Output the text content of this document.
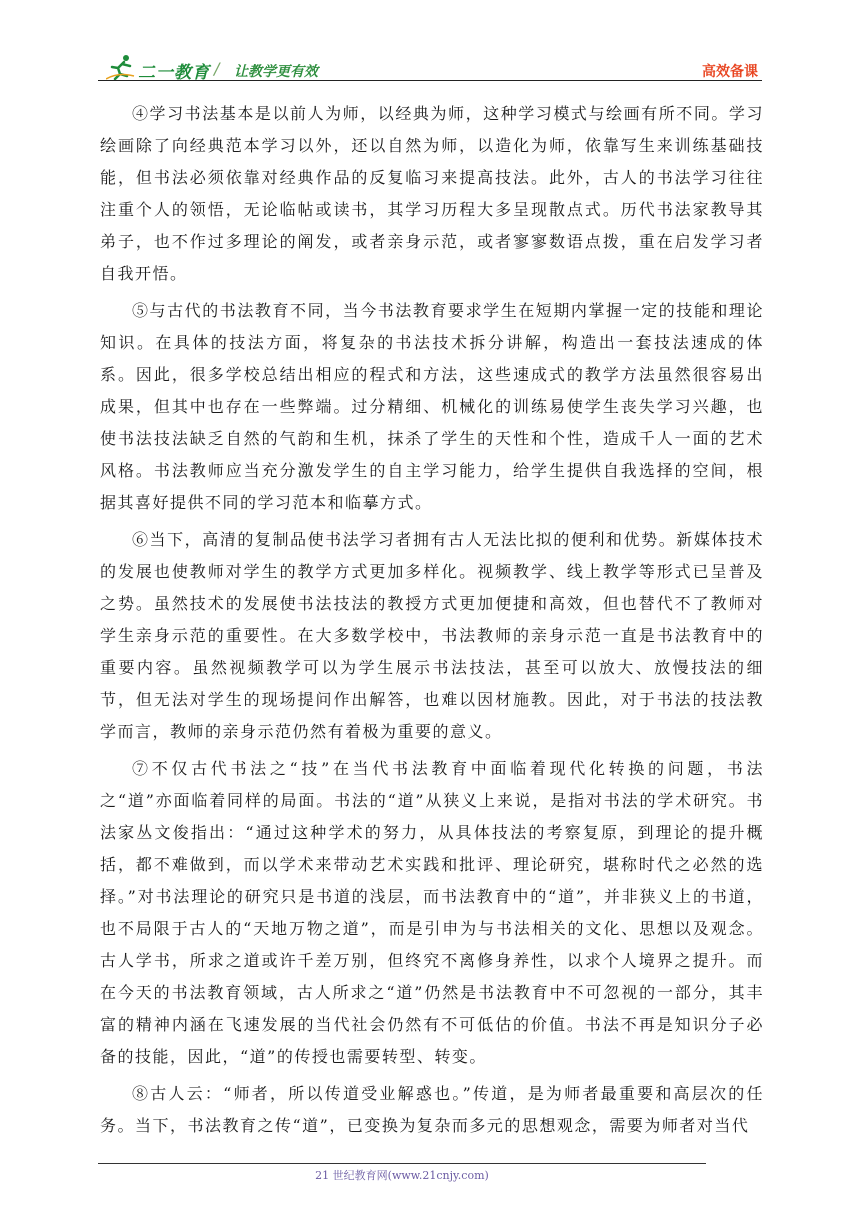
二一教育 / 让教学更有效	高效备课

④学习书法基本是以前人为师，以经典为师，这种学习模式与绘画有所不同。学习绘画除了向经典范本学习以外，还以自然为师，以造化为师，依靠写生来训练基础技能，但书法必须依靠对经典作品的反复临习来提高技法。此外，古人的书法学习往往注重个人的领悟，无论临帖或读书，其学习历程大多呈现散点式。历代书法家教导其弟子，也不作过多理论的阐发，或者亲身示范，或者寥寥数语点拨，重在启发学习者自我开悟。

⑤与古代的书法教育不同，当今书法教育要求学生在短期内掌握一定的技能和理论知识。在具体的技法方面，将复杂的书法技术拆分讲解，构造出一套技法速成的体系。因此，很多学校总结出相应的程式和方法，这些速成式的教学方法虽然很容易出成果，但其中也存在一些弊端。过分精细、机械化的训练易使学生丧失学习兴趣，也使书法技法缺乏自然的气韵和生机，抹杀了学生的天性和个性，造成千人一面的艺术风格。书法教师应当充分激发学生的自主学习能力，给学生提供自我选择的空间，根据其喜好提供不同的学习范本和临摹方式。

⑥当下，高清的复制品使书法学习者拥有古人无法比拟的便利和优势。新媒体技术的发展也使教师对学生的教学方式更加多样化。视频教学、线上教学等形式已呈普及之势。虽然技术的发展使书法技法的教授方式更加便捷和高效，但也替代不了教师对学生亲身示范的重要性。在大多数学校中，书法教师的亲身示范一直是书法教育中的重要内容。虽然视频教学可以为学生展示书法技法，甚至可以放大、放慢技法的细节，但无法对学生的现场提问作出解答，也难以因材施教。因此，对于书法的技法教学而言，教师的亲身示范仍然有着极为重要的意义。

⑦不仅古代书法之“技”在当代书法教育中面临着现代化转换的问题，书法之“道”亦面临着同样的局面。书法的“道”从狭义上来说，是指对书法的学术研究。书法家丛文俊指出：“通过这种学术的努力，从具体技法的考察复原，到理论的提升概括，都不难做到，而以学术来带动艺术实践和批评、理论研究，堪称时代之必然的选择。”对书法理论的研究只是书道的浅层，而书法教育中的“道”，并非狭义上的书道，也不局限于古人的“天地万物之道”，而是引申为与书法相关的文化、思想以及观念。古人学书，所求之道或许千差万别，但终究不离修身养性，以求个人境界之提升。而在今天的书法教育领域，古人所求之“道”仍然是书法教育中不可忽视的一部分，其丰富的精神内涵在飞速发展的当代社会仍然有不可低估的价值。书法不再是知识分子必备的技能，因此，“道”的传授也需要转型、转变。

⑧古人云：“师者，所以传道受业解惑也。”传道，是为师者最重要和高层次的任务。当下，书法教育之传“道”，已变换为复杂而多元的思想观念，需要为师者对当代

21 世纪教育网(www.21cnjy.com)
